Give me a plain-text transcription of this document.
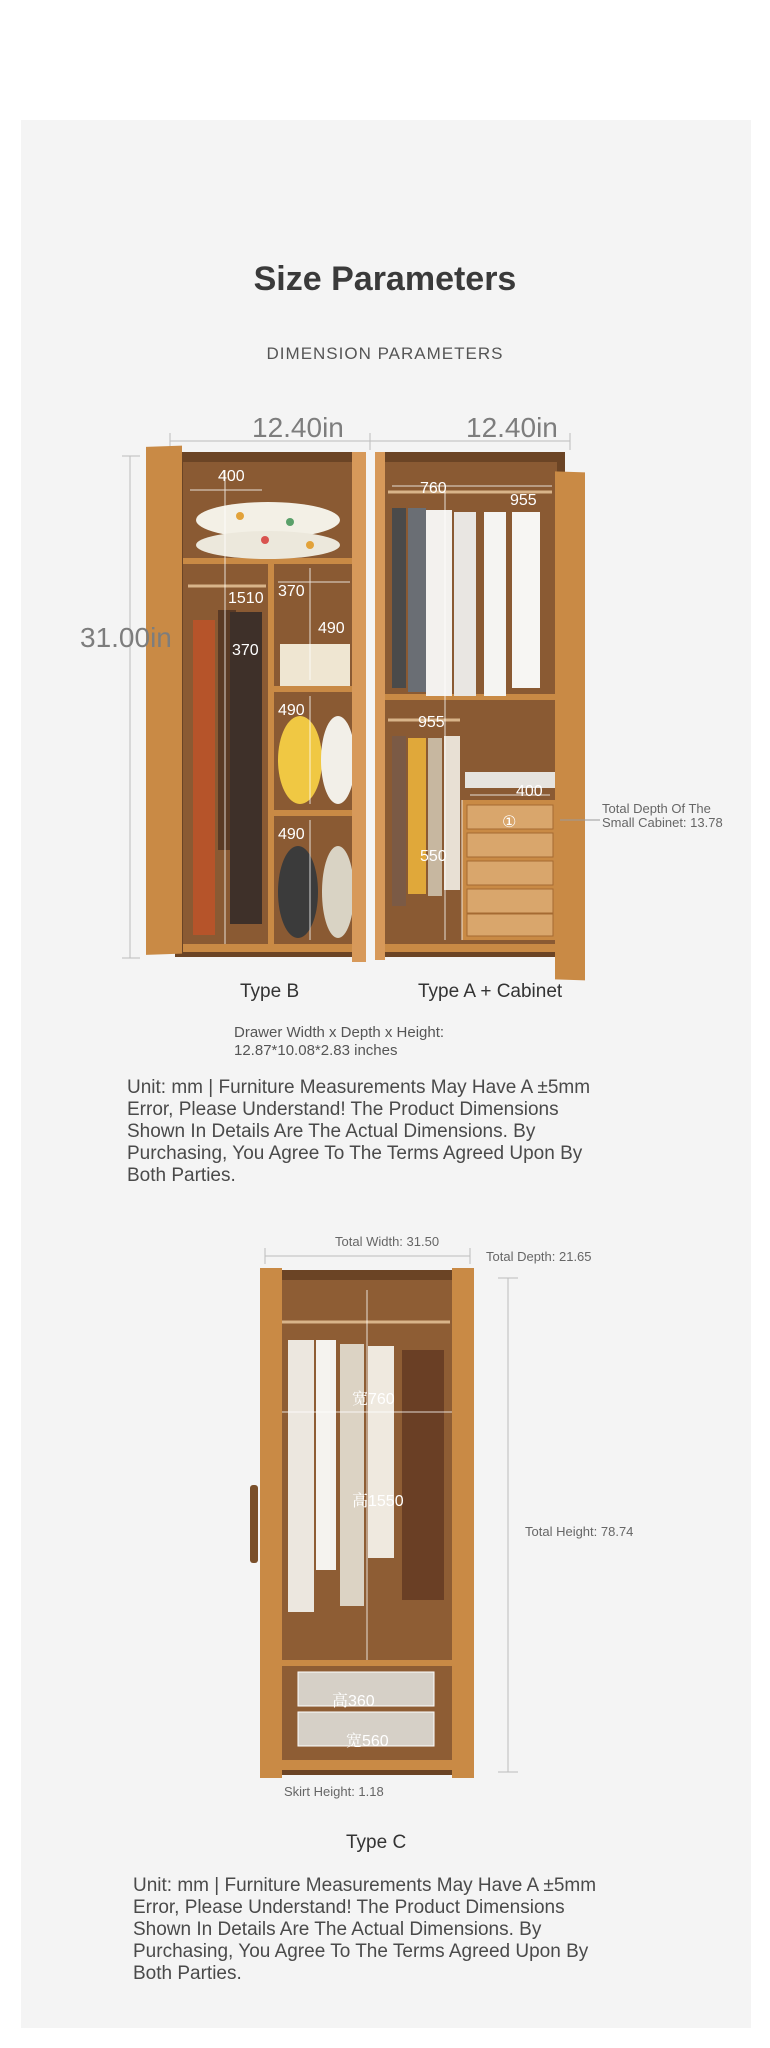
Size Parameters
DIMENSION PARAMETERS
12.40in	12.40in
31.00in
400
1510 370
370
490
490
490
760
955
955
400
550
①
Total Depth Of The
Small Cabinet: 13.78
Type B	Type A + Cabinet
Drawer Width x Depth x Height:
12.87*10.08*2.83 inches
Unit: mm | Furniture Measurements May Have A ±5mm
Error, Please Understand! The Product Dimensions
Shown In Details Are The Actual Dimensions. By
Purchasing, You Agree To The Terms Agreed Upon By
Both Parties.
Total Width: 31.50
Total Depth: 21.65
Total Height: 78.74
Skirt Height: 1.18
宽760
高1550
高360
宽560
Type C
Unit: mm | Furniture Measurements May Have A ±5mm
Error, Please Understand! The Product Dimensions
Shown In Details Are The Actual Dimensions. By
Purchasing, You Agree To The Terms Agreed Upon By
Both Parties.
